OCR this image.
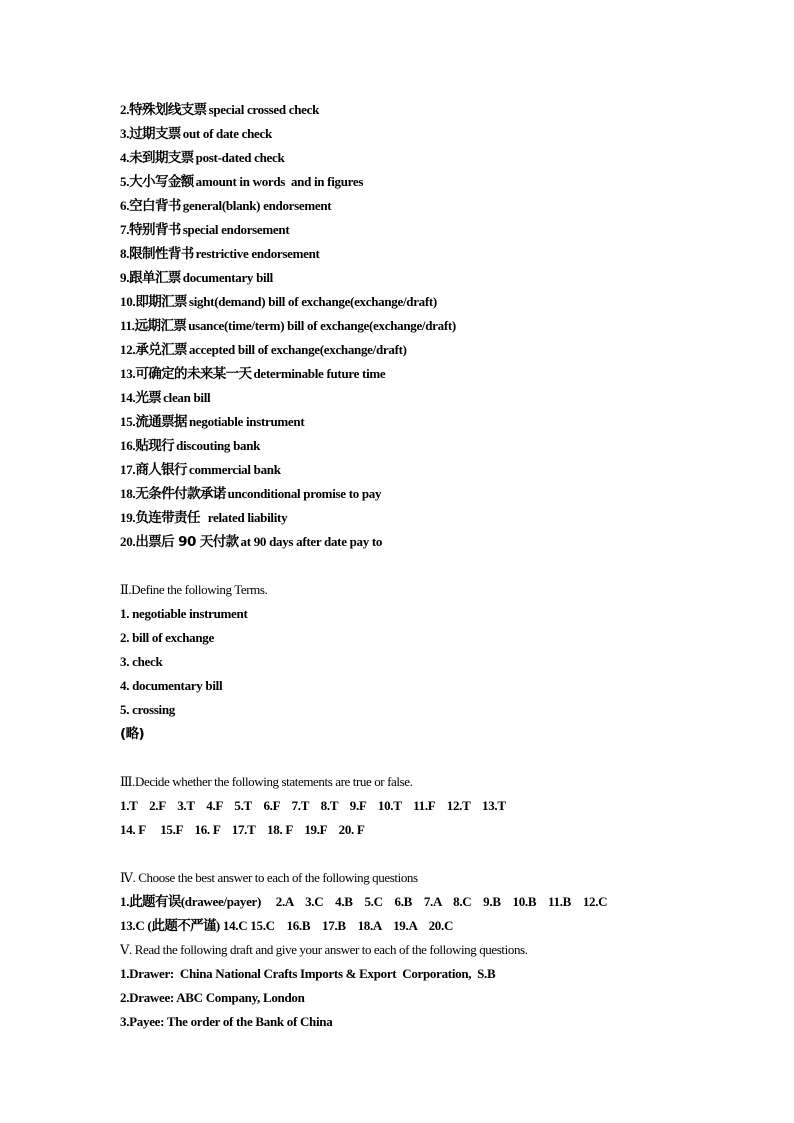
2.特殊划线支票 special crossed check
3.过期支票 out of date check
4.未到期支票 post-dated check
5.大小写金额 amount in words  and in figures
6.空白背书 general(blank) endorsement
7.特别背书 special endorsement
8.限制性背书 restrictive endorsement
9.跟单汇票 documentary bill
10.即期汇票 sight(demand) bill of exchange(exchange/draft)
11.远期汇票 usance(time/term) bill of exchange(exchange/draft)
12.承兑汇票 accepted bill of exchange(exchange/draft)
13.可确定的未来某一天 determinable future time
14.光票 clean bill
15.流通票据 negotiable instrument
16.贴现行 discouting bank
17.商人银行 commercial bank
18.无条件付款承诺 unconditional promise to pay
19.负连带责任  related liability
20.出票后 90 天付款 at 90 days after date pay to
Ⅱ.Define the following Terms.
1. negotiable instrument
2. bill of exchange
3. check
4. documentary bill
5. crossing
(略)
Ⅲ.Decide whether the following statements are true or false.
1.T    2.F    3.T    4.F    5.T    6.F    7.T    8.T    9.F    10.T    11.F    12.T    13.T
14. F     15.F    16. F    17.T    18. F    19.F    20. F
Ⅳ. Choose the best answer to each of the following questions
1.此题有误(drawee/payer)     2.A    3.C    4.B    5.C    6.B    7.A    8.C    9.B    10.B    11.B    12.C
13.C (此题不严谨) 14.C 15.C    16.B    17.B    18.A    19.A    20.C
Ⅴ. Read the following draft and give your answer to each of the following questions.
1.Drawer:  China National Crafts Imports & Export  Corporation,  S.B
2.Drawee: ABC Company, London
3.Payee: The order of the Bank of China
